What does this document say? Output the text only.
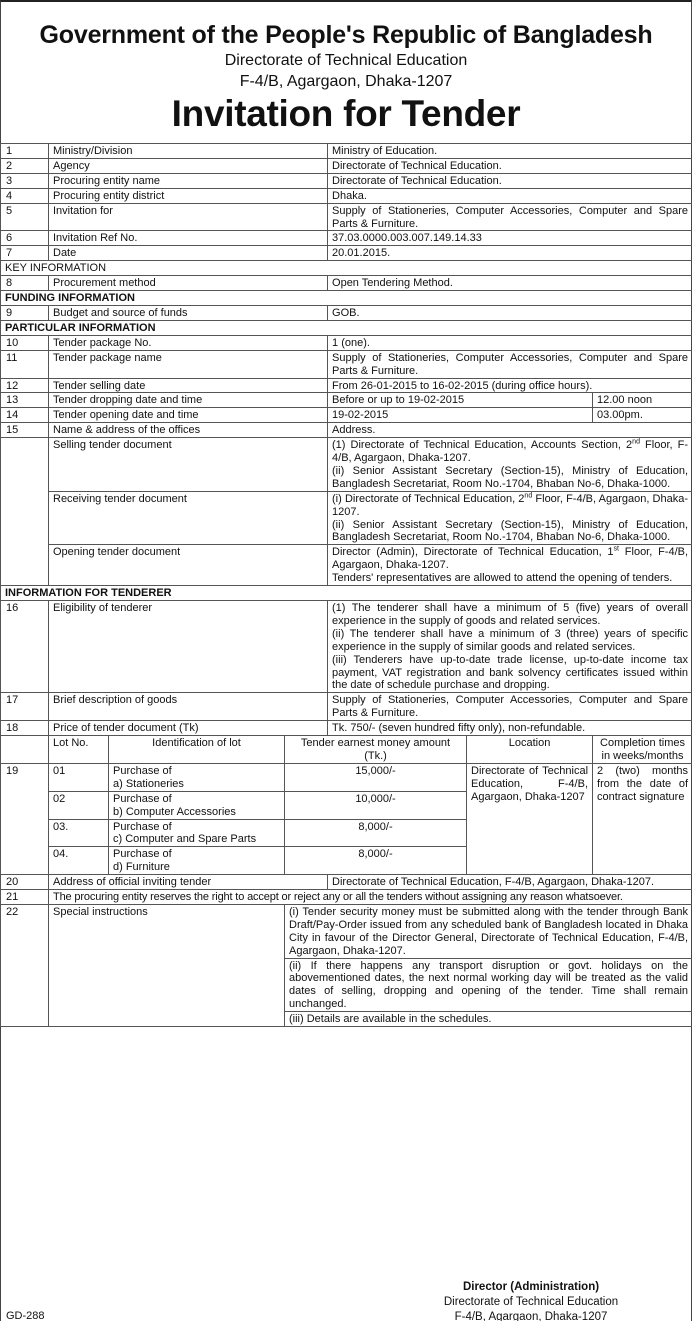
Government of the People's Republic of Bangladesh
Directorate of Technical Education
F-4/B, Agargaon, Dhaka-1207
Invitation for Tender
1	Ministry/Division			Ministry of Education.		
2	Agency			Directorate of Technical Education.		
3	Procuring entity name			Directorate of Technical Education.		
4	Procuring entity district			Dhaka.		
5	Invitation for			Supply of Stationeries, Computer Accessories, Computer and Spare Parts & Furniture.		
6	Invitation Ref No.			37.03.0000.003.007.149.14.33		
7	Date			20.01.2015.		
KEY INFORMATION						
8	Procurement method			Open Tendering Method.		
FUNDING INFORMATION						
9	Budget and source of funds			GOB.		
PARTICULAR INFORMATION						
10	Tender package No.			1 (one).		
11	Tender package name			Supply of Stationeries, Computer Accessories, Computer and Spare Parts & Furniture.		
12	Tender selling date			From 26-01-2015 to 16-02-2015 (during office hours).		
13	Tender dropping date and time			Before or up to 19-02-2015		12.00 noon
14	Tender opening date and time			19-02-2015		03.00pm.
15	Name & address of the offices			Address.		
	Selling tender document			(1) Directorate of Technical Education, Accounts Section, 2nd Floor, F-4/B, Agargaon, Dhaka-1207.
(ii) Senior Assistant Secretary (Section-15), Ministry of Education, Bangladesh Secretariat, Room No.-1704, Bhaban No-6, Dhaka-1000.		
	Receiving tender document			(i) Directorate of Technical Education, 2nd Floor, F-4/B, Agargaon, Dhaka-1207.
(ii) Senior Assistant Secretary (Section-15), Ministry of Education, Bangladesh Secretariat, Room No.-1704, Bhaban No-6, Dhaka-1000.		
	Opening tender document			Director (Admin), Directorate of Technical Education, 1st Floor, F-4/B, Agargaon, Dhaka-1207.
Tenders' representatives are allowed to attend the opening of tenders.		
INFORMATION FOR TENDERER						
16	Eligibility of tenderer			(1) The tenderer shall have a minimum of 5 (five) years of overall experience in the supply of goods and related services.
(ii) The tenderer shall have a minimum of 3 (three) years of specific experience in the supply of similar goods and related services.
(iii) Tenderers have up-to-date trade license, up-to-date income tax payment, VAT registration and bank solvency certificates issued within the date of schedule purchase and dropping.		
17	Brief description of goods			Supply of Stationeries, Computer Accessories, Computer and Spare Parts & Furniture.		
18	Price of tender document (Tk)			Tk. 750/- (seven hundred fifty only), non-refundable.		
	Lot No.	Identification of lot	Tender earnest money amount (Tk.)		Location	Completion times in weeks/months
19	01	Purchase of
a) Stationeries	15,000/-		Directorate of Technical Education, F-4/B, Agargaon, Dhaka-1207	2 (two) months from the date of contract signature
	02	Purchase of
b) Computer Accessories	10,000/-			
	03.	Purchase of
c) Computer and Spare Parts	8,000/-			
	04.	Purchase of
d) Furniture	8,000/-			
20	Address of official inviting tender			Directorate of Technical Education, F-4/B, Agargaon, Dhaka-1207.		
21	The procuring entity reserves the right to accept or reject any or all the tenders without assigning any reason whatsoever.					
22	Special instructions		(i) Tender security money must be submitted along with the tender through Bank Draft/Pay-Order issued from any scheduled bank of Bangladesh located in Dhaka City in favour of the Director General, Directorate of Technical Education, F-4/B, Agargaon, Dhaka-1207.			
			(ii) If there happens any transport disruption or govt. holidays on the abovementioned dates, the next normal working day will be treated as the valid dates of selling, dropping and opening of the tender. Time shall remain unchanged.			
			(iii) Details are available in the schedules.			
Director (Administration)
Directorate of Technical Education
F-4/B, Agargaon, Dhaka-1207
GD-288
